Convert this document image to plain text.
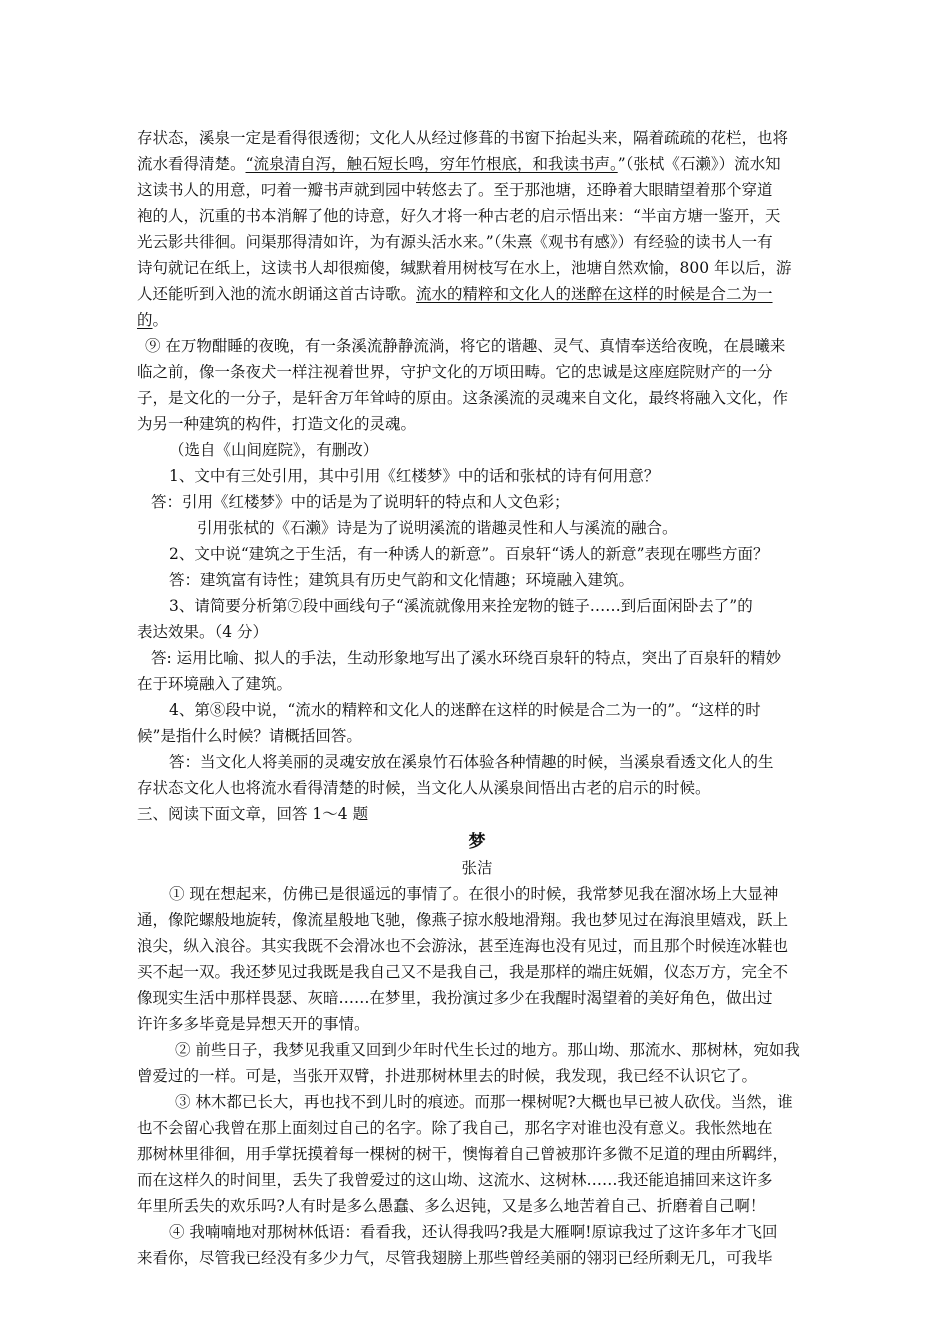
存状态，溪泉一定是看得很透彻；文化人从经过修葺的书窗下抬起头来，隔着疏疏的花栏，也将
流水看得清楚。“流泉清自泻，触石短长鸣，穷年竹根底，和我读书声。”（张栻《石濑》）流水知
这读书人的用意，叼着一瓣书声就到园中转悠去了。至于那池塘，还睁着大眼睛望着那个穿道
袍的人，沉重的书本消解了他的诗意，好久才将一种古老的启示悟出来：“半亩方塘一鉴开，天
光云影共徘徊。问渠那得清如许，为有源头活水来。”（朱熹《观书有感》）有经验的读书人一有
诗句就记在纸上，这读书人却很痴傻，缄默着用树枝写在水上，池塘自然欢愉，800 年以后，游
人还能听到入池的流水朗诵这首古诗歌。流水的精粹和文化人的迷醉在这样的时候是合二为一
的。
⑨ 在万物酣睡的夜晚，有一条溪流静静流淌，将它的谐趣、灵气、真情奉送给夜晚，在晨曦来
临之前，像一条夜犬一样注视着世界，守护文化的万顷田畴。它的忠诚是这座庭院财产的一分
子，是文化的一分子，是轩舍万年耸峙的原由。这条溪流的灵魂来自文化，最终将融入文化，作
为另一种建筑的构件，打造文化的灵魂。
（选自《山间庭院》，有删改）
1、文中有三处引用，其中引用《红楼梦》中的话和张栻的诗有何用意？
答：引用《红楼梦》中的话是为了说明轩的特点和人文色彩；
引用张栻的《石濑》诗是为了说明溪流的谐趣灵性和人与溪流的融合。
2、文中说“建筑之于生活，有一种诱人的新意”。百泉轩“诱人的新意”表现在哪些方面？
答：建筑富有诗性；建筑具有历史气韵和文化情趣；环境融入建筑。
3、请简要分析第⑦段中画线句子“溪流就像用来拴宠物的链子……到后面闲卧去了”的
表达效果。（4 分）
答: 运用比喻、拟人的手法，生动形象地写出了溪水环绕百泉轩的特点，突出了百泉轩的精妙
在于环境融入了建筑。
4、第⑧段中说，“流水的精粹和文化人的迷醉在这样的时候是合二为一的”。“这样的时
候”是指什么时候？请概括回答。
答：当文化人将美丽的灵魂安放在溪泉竹石体验各种情趣的时候，当溪泉看透文化人的生
存状态文化人也将流水看得清楚的时候，当文化人从溪泉间悟出古老的启示的时候。
三、阅读下面文章，回答 1～4 题
梦
张洁
① 现在想起来，仿佛已是很遥远的事情了。在很小的时候，我常梦见我在溜冰场上大显神
通，像陀螺般地旋转，像流星般地飞驰，像燕子掠水般地滑翔。我也梦见过在海浪里嬉戏，跃上
浪尖，纵入浪谷。其实我既不会滑冰也不会游泳，甚至连海也没有见过，而且那个时候连冰鞋也
买不起一双。我还梦见过我既是我自己又不是我自己，我是那样的端庄妩媚，仪态万方，完全不
像现实生活中那样畏瑟、灰暗……在梦里，我扮演过多少在我醒时渴望着的美好角色，做出过
许许多多毕竟是异想天开的事情。
② 前些日子，我梦见我重又回到少年时代生长过的地方。那山坳、那流水、那树林，宛如我
曾爱过的一样。可是，当张开双臂，扑进那树林里去的时候，我发现，我已经不认识它了。
③ 林木都已长大，再也找不到儿时的痕迹。而那一棵树呢?大概也早已被人砍伐。当然，谁
也不会留心我曾在那上面刻过自己的名字。除了我自己，那名字对谁也没有意义。我怅然地在
那树林里徘徊，用手掌抚摸着每一棵树的树干，懊悔着自己曾被那许多微不足道的理由所羁绊，
而在这样久的时间里，丢失了我曾爱过的这山坳、这流水、这树林……我还能追捕回来这许多
年里所丢失的欢乐吗?人有时是多么愚蠢、多么迟钝，又是多么地苦着自己、折磨着自己啊！
④ 我喃喃地对那树林低语：看看我，还认得我吗?我是大雁啊!原谅我过了这许多年才飞回
来看你，尽管我已经没有多少力气，尽管我翅膀上那些曾经美丽的翎羽已经所剩无几，可我毕
